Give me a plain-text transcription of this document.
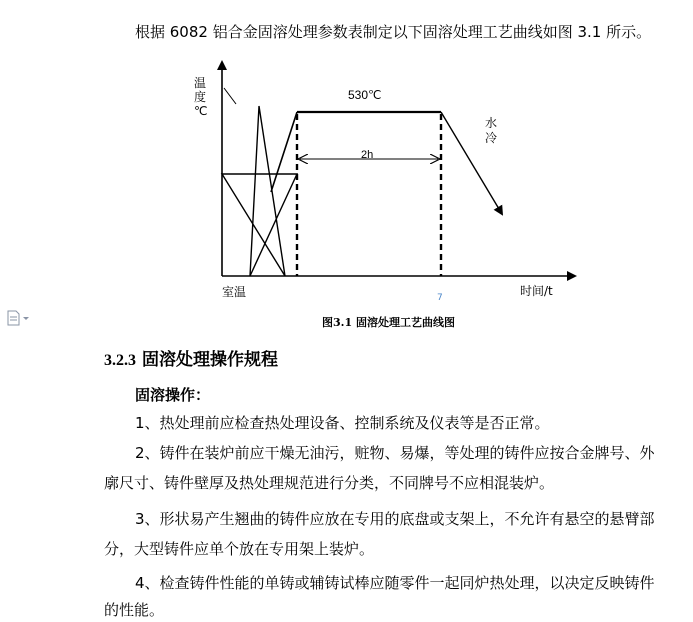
根据 6082 铝合金固溶处理参数表制定以下固溶处理工艺曲线如图 3.1 所示。
温
度
℃
530℃
2h
水
冷
室温	时间/t
7
图3.1 固溶处理工艺曲线图
3.2.3 固溶处理操作规程
固溶操作：
1、热处理前应检查热处理设备、控制系统及仪表等是否正常。
2、铸件在装炉前应干燥无油污，赃物、易爆，等处理的铸件应按合金牌号、外
廓尺寸、铸件壁厚及热处理规范进行分类，不同牌号不应相混装炉。
3、形状易产生翘曲的铸件应放在专用的底盘或支架上，不允许有悬空的悬臂部
分，大型铸件应单个放在专用架上装炉。
4、检查铸件性能的单铸或辅铸试棒应随零件一起同炉热处理，以决定反映铸件
的性能。
